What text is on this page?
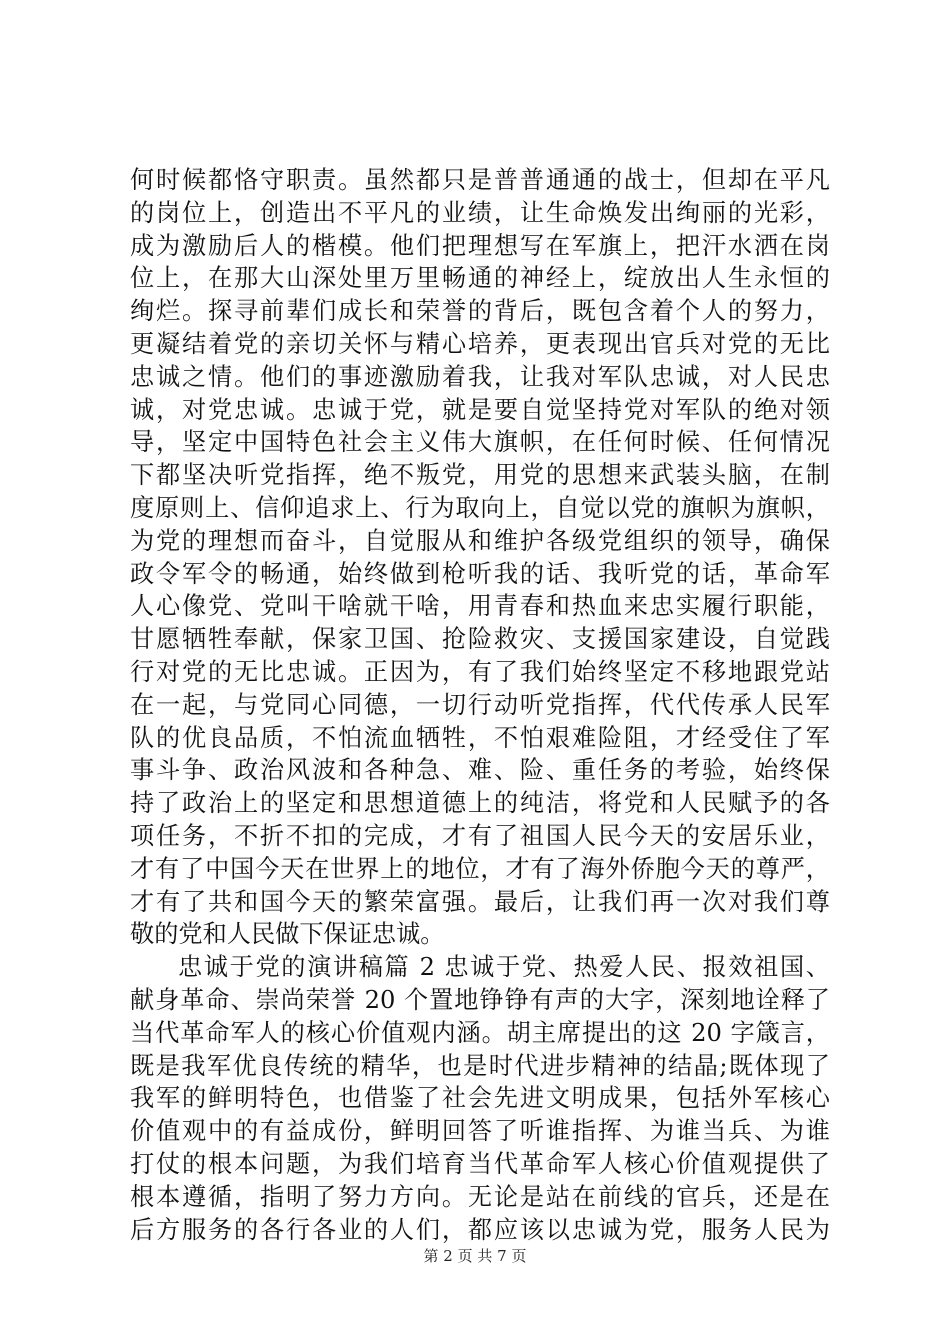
何时候都恪守职责。虽然都只是普普通通的战士，但却在平凡
的岗位上，创造出不平凡的业绩，让生命焕发出绚丽的光彩，
成为激励后人的楷模。他们把理想写在军旗上，把汗水洒在岗
位上，在那大山深处里万里畅通的神经上，绽放出人生永恒的
绚烂。探寻前辈们成长和荣誉的背后，既包含着个人的努力，
更凝结着党的亲切关怀与精心培养，更表现出官兵对党的无比
忠诚之情。他们的事迹激励着我，让我对军队忠诚，对人民忠
诚，对党忠诚。忠诚于党，就是要自觉坚持党对军队的绝对领
导，坚定中国特色社会主义伟大旗帜，在任何时候、任何情况
下都坚决听党指挥，绝不叛党，用党的思想来武装头脑，在制
度原则上、信仰追求上、行为取向上，自觉以党的旗帜为旗帜，
为党的理想而奋斗，自觉服从和维护各级党组织的领导，确保
政令军令的畅通，始终做到枪听我的话、我听党的话，革命军
人心像党、党叫干啥就干啥，用青春和热血来忠实履行职能，
甘愿牺牲奉献，保家卫国、抢险救灾、支援国家建设，自觉践
行对党的无比忠诚。正因为，有了我们始终坚定不移地跟党站
在一起，与党同心同德，一切行动听党指挥，代代传承人民军
队的优良品质，不怕流血牺牲，不怕艰难险阻，才经受住了军
事斗争、政治风波和各种急、难、险、重任务的考验，始终保
持了政治上的坚定和思想道德上的纯洁，将党和人民赋予的各
项任务，不折不扣的完成，才有了祖国人民今天的安居乐业，
才有了中国今天在世界上的地位，才有了海外侨胞今天的尊严，
才有了共和国今天的繁荣富强。最后，让我们再一次对我们尊
敬的党和人民做下保证忠诚。
忠诚于党的演讲稿篇 2 忠诚于党、热爱人民、报效祖国、
献身革命、崇尚荣誉 20 个置地铮铮有声的大字，深刻地诠释了
当代革命军人的核心价值观内涵。胡主席提出的这 20 字箴言，
既是我军优良传统的精华，也是时代进步精神的结晶;既体现了
我军的鲜明特色，也借鉴了社会先进文明成果，包括外军核心
价值观中的有益成份，鲜明回答了听谁指挥、为谁当兵、为谁
打仗的根本问题，为我们培育当代革命军人核心价值观提供了
根本遵循，指明了努力方向。无论是站在前线的官兵，还是在
后方服务的各行各业的人们，都应该以忠诚为党，服务人民为
第 2 页 共 7 页
